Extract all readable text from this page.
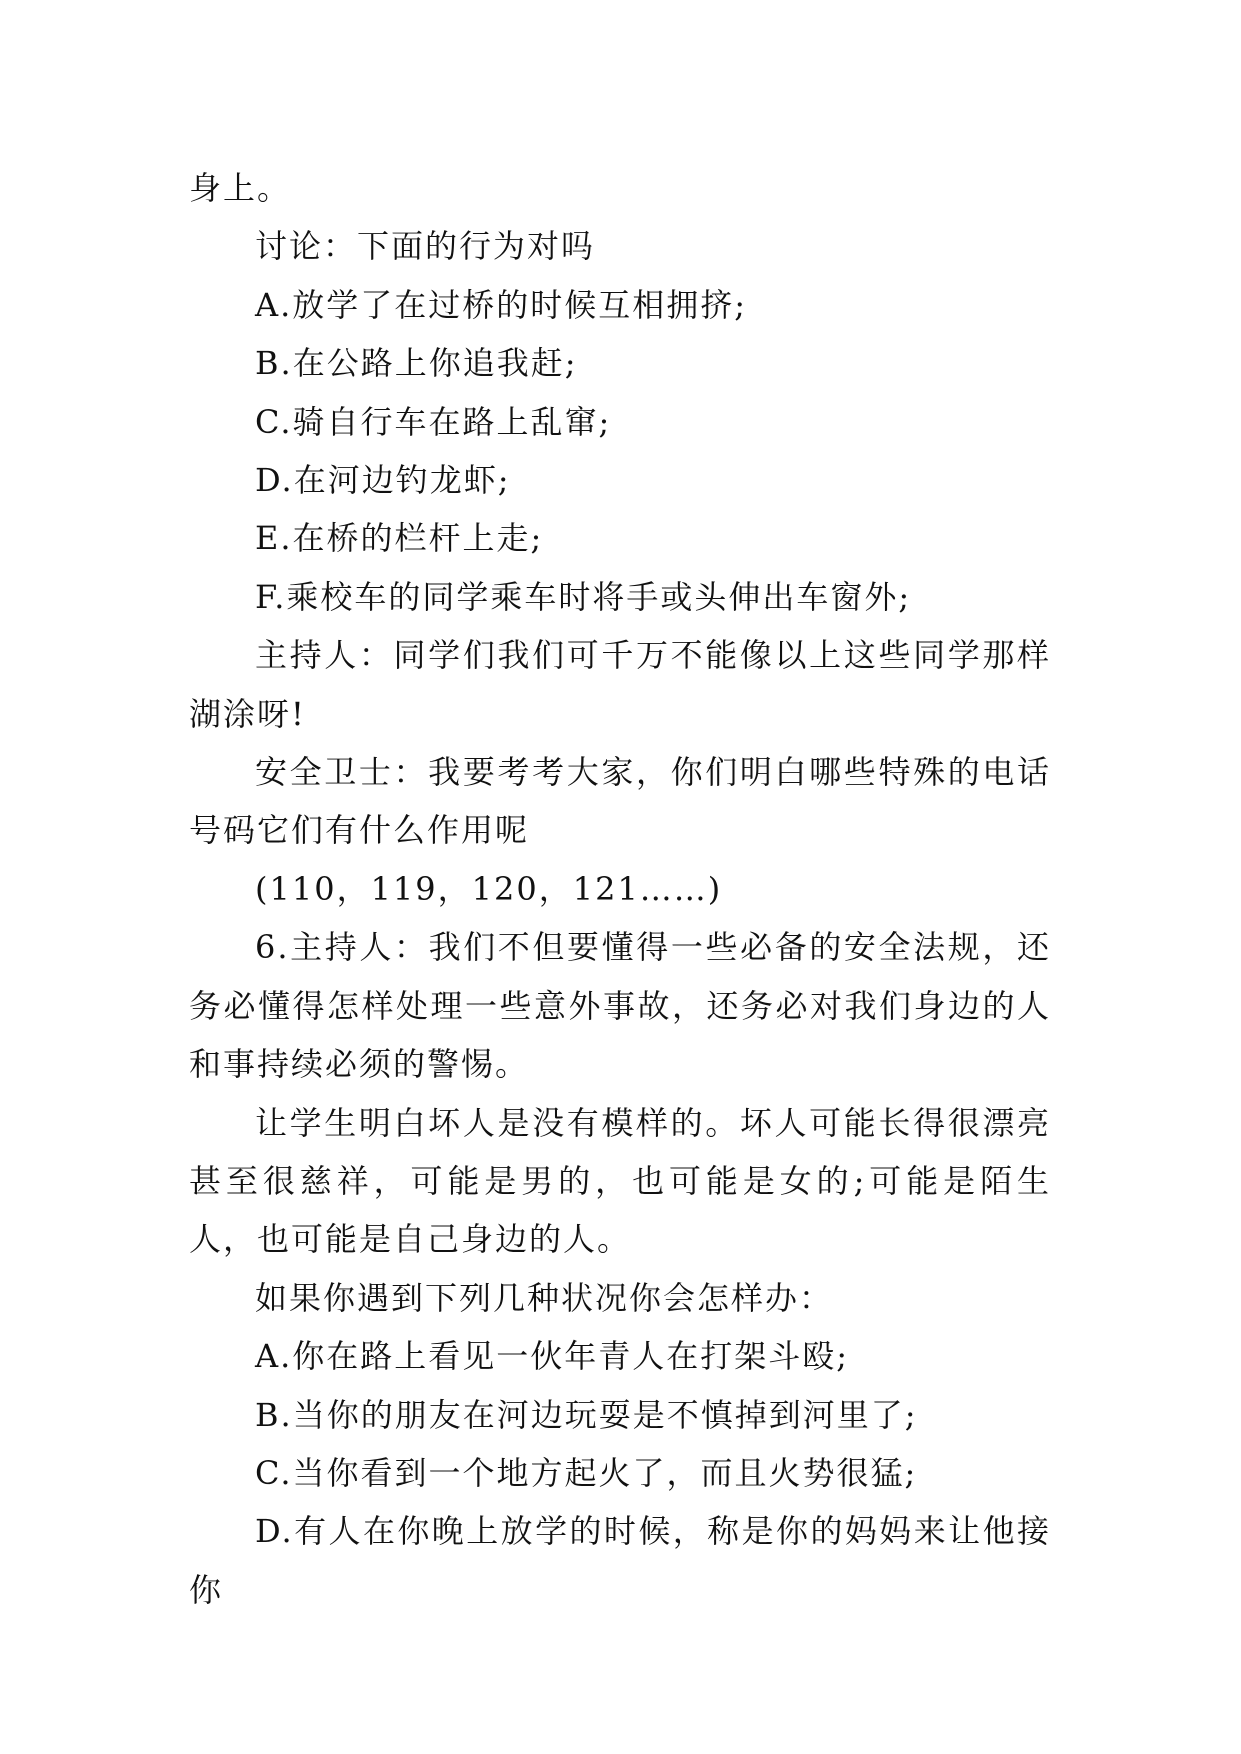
身上。

讨论：下面的行为对吗

A.放学了在过桥的时候互相拥挤;

B.在公路上你追我赶;

C.骑自行车在路上乱窜;

D.在河边钓龙虾;

E.在桥的栏杆上走;

F.乘校车的同学乘车时将手或头伸出车窗外;

主持人：同学们我们可千万不能像以上这些同学那样湖涂呀!

安全卫士：我要考考大家，你们明白哪些特殊的电话号码它们有什么作用呢

(110，119，120，121……)

6.主持人：我们不但要懂得一些必备的安全法规，还务必懂得怎样处理一些意外事故，还务必对我们身边的人和事持续必须的警惕。

让学生明白坏人是没有模样的。坏人可能长得很漂亮甚至很慈祥，可能是男的，也可能是女的;可能是陌生人，也可能是自己身边的人。

如果你遇到下列几种状况你会怎样办：

A.你在路上看见一伙年青人在打架斗殴;

B.当你的朋友在河边玩耍是不慎掉到河里了;

C.当你看到一个地方起火了，而且火势很猛;

D.有人在你晚上放学的时候，称是你的妈妈来让他接你
